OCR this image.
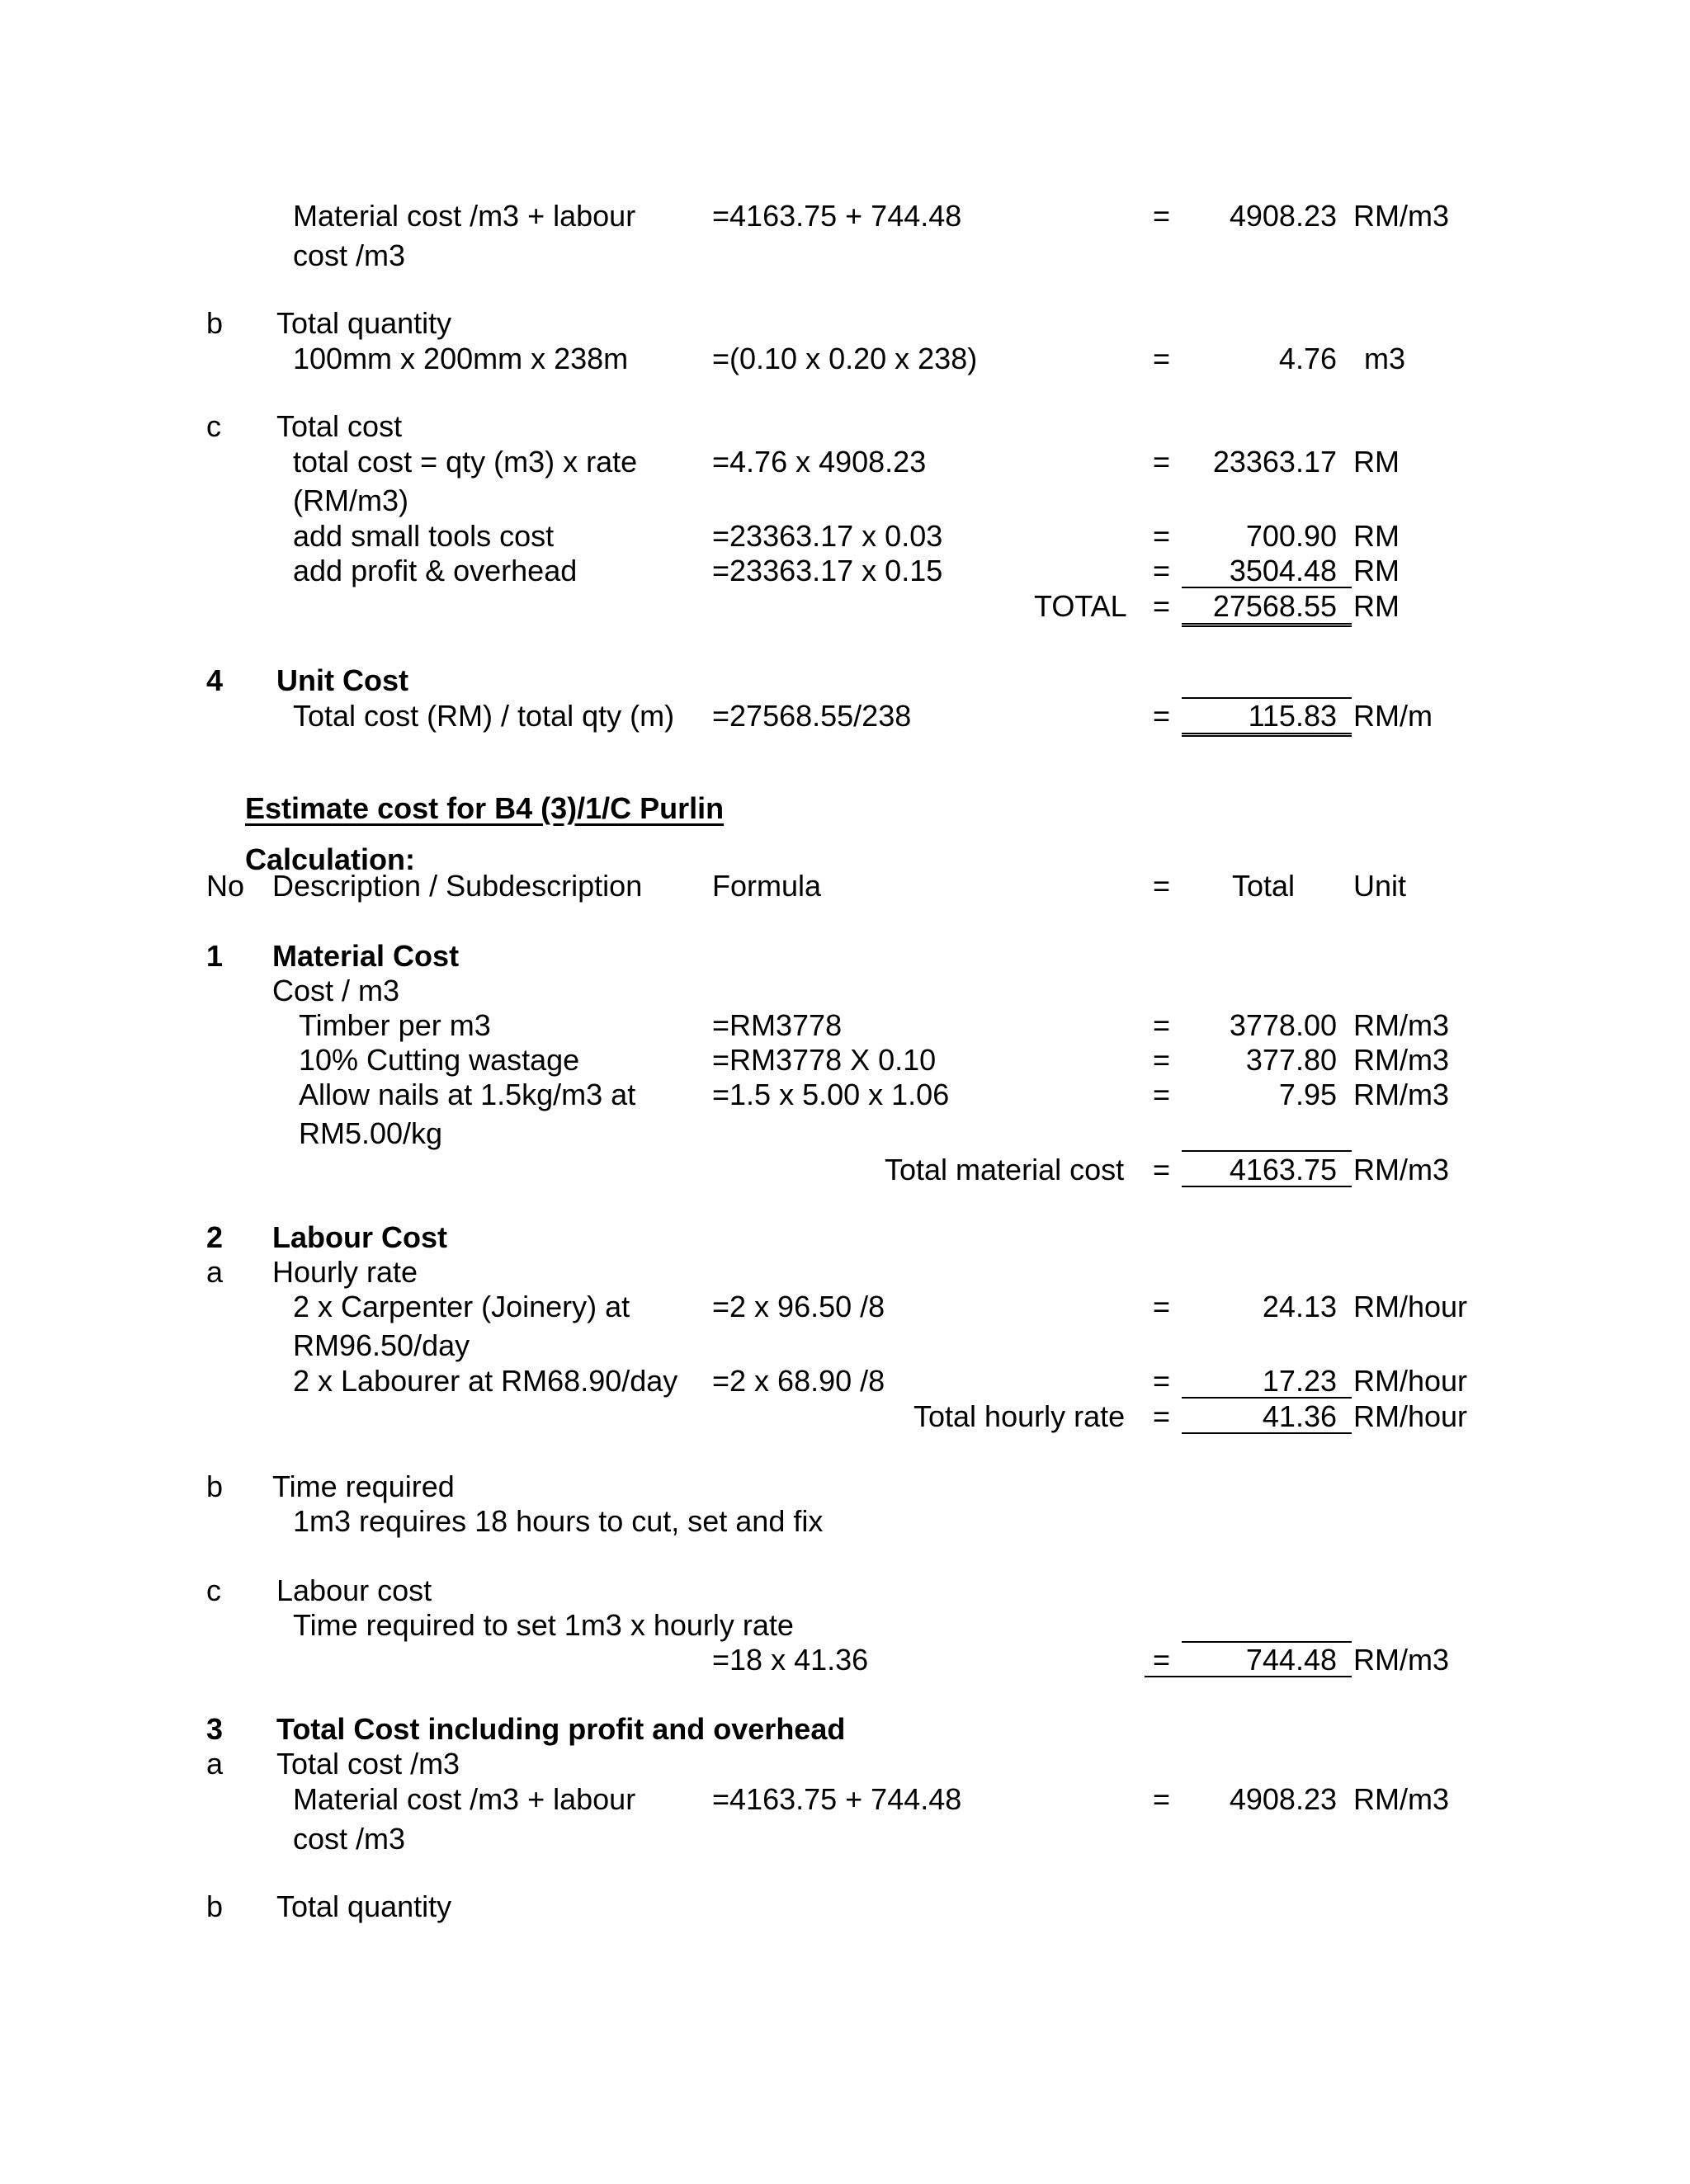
Material cost /m3 + labour
cost /m3
=4163.75 + 744.48	=	4908.23 RM/m3
b Total quantity
100mm x 200mm x 238m	=(0.10 x 0.20 x 238)	=	4.76 m3
c Total cost
total cost = qty (m3) x rate
(RM/m3)
=4.76 x 4908.23	=	23363.17 RM
add small tools cost	=23363.17 x 0.03	=	700.90 RM
add profit & overhead	=23363.17 x 0.15	=	3504.48 RM
TOTAL =	27568.55 RM
4 Unit Cost
Total cost (RM) / total qty (m) =27568.55/238	=	115.83 RM/m
Estimate cost for B4 (3)/1/C Purlin
Calculation:
No Description / Subdescription Formula	= Total Unit
1 Material Cost
Cost / m3
Timber per m3	=RM3778	=	3778.00 RM/m3
10% Cutting wastage	=RM3778 X 0.10	=	377.80 RM/m3
Allow nails at 1.5kg/m3 at
RM5.00/kg
=1.5 x 5.00 x 1.06	=	7.95 RM/m3
Total material cost =	4163.75 RM/m3
2 Labour Cost
a Hourly rate
2 x Carpenter (Joinery) at
RM96.50/day
=2 x 96.50 /8	=	24.13 RM/hour
2 x Labourer at RM68.90/day =2 x 68.90 /8	=	17.23 RM/hour
Total hourly rate =	41.36 RM/hour
b Time required
1m3 requires 18 hours to cut, set and fix
c Labour cost
Time required to set 1m3 x hourly rate
=18 x 41.36	=	744.48 RM/m3
3 Total Cost including profit and overhead
a Total cost /m3
Material cost /m3 + labour
cost /m3
=4163.75 + 744.48	=	4908.23 RM/m3
b Total quantity
